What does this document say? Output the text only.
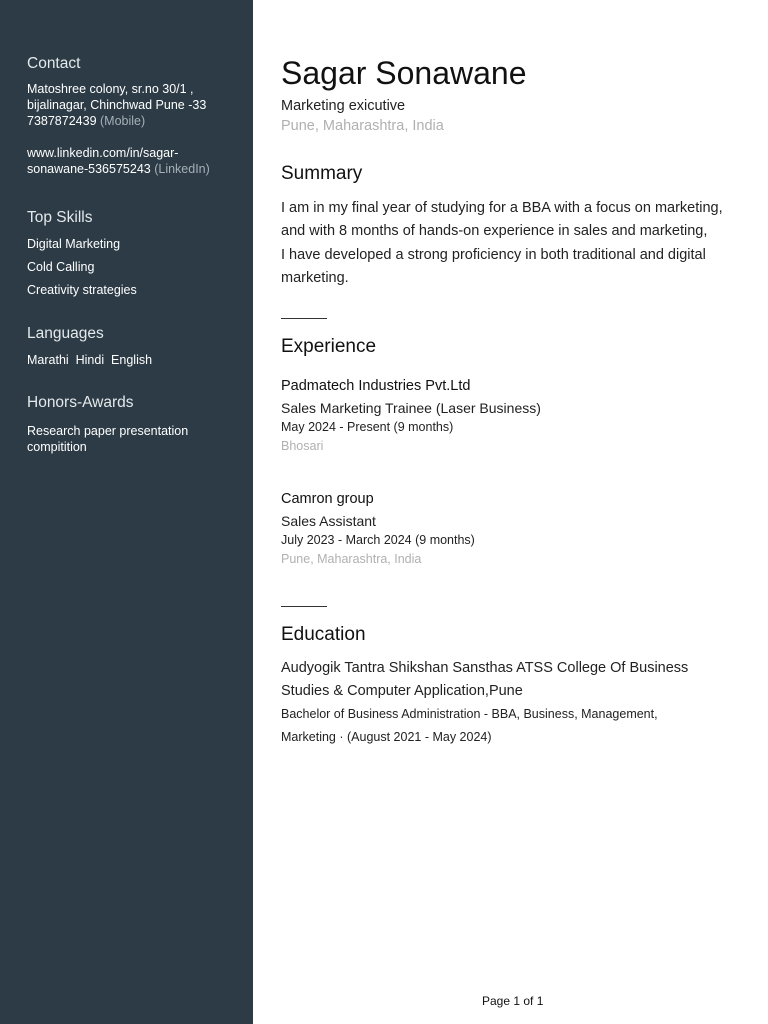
Contact

Matoshree colony, sr.no 30/1 ,

bijalinagar, Chinchwad Pune -33

7387872439 (Mobile)

www.linkedin.com/in/sagar-

sonawane-536575243 (LinkedIn)

Top Skills

Digital Marketing

Cold Calling

Creativity strategies

Languages

Marathi  Hindi  English

Honors-Awards

Research paper presentation

compitition

Sagar Sonawane

Marketing exicutive

Pune, Maharashtra, India

Summary
I am in my final year of studying for a BBA with a focus on marketing,
and with 8 months of hands-on experience in sales and marketing,
I have developed a strong proficiency in both traditional and digital
marketing.
Experience

Padmatech Industries Pvt.Ltd

Sales Marketing Trainee (Laser Business)

May 2024 - Present (9 months)

Bhosari

Camron group

Sales Assistant

July 2023 - March 2024 (9 months)

Pune, Maharashtra, India

Education
Audyogik Tantra Shikshan Sansthas ATSS College Of Business
Studies & Computer Application,Pune
Bachelor of Business Administration - BBA, Business, Management,
Marketing · (August 2021 - May 2024)
Page 1 of 1
